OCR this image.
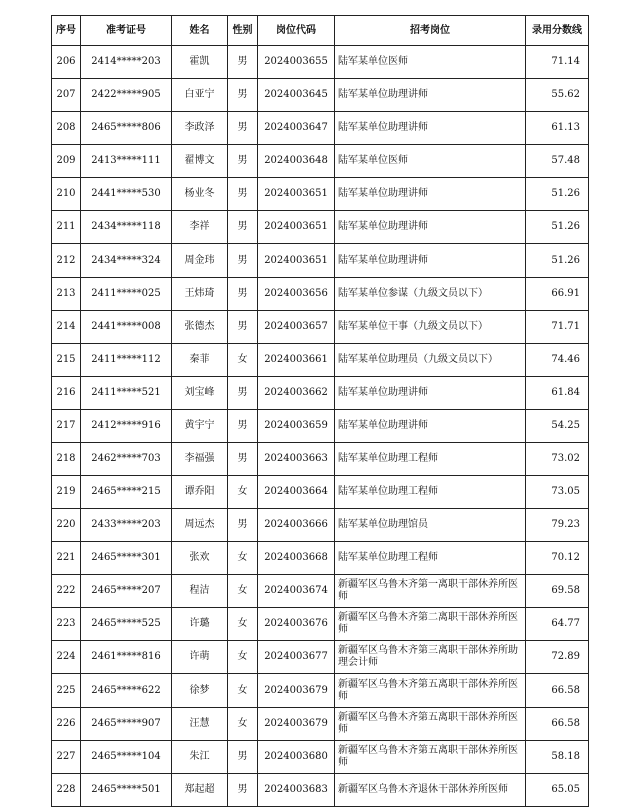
序号	准考证号	姓名	性别	岗位代码	招考岗位	录用分数线
206	2414*****203	霍凯	男	2024003655	陆军某单位医师	71.14
207	2422*****905	白亚宁	男	2024003645	陆军某单位助理讲师	55.62
208	2465*****806	李政泽	男	2024003647	陆军某单位助理讲师	61.13
209	2413*****111	翟博文	男	2024003648	陆军某单位医师	57.48
210	2441*****530	杨业冬	男	2024003651	陆军某单位助理讲师	51.26
211	2434*****118	李祥	男	2024003651	陆军某单位助理讲师	51.26
212	2434*****324	周金玮	男	2024003651	陆军某单位助理讲师	51.26
213	2411*****025	王炜琦	男	2024003656	陆军某单位参谋（九级文员以下）	66.91
214	2441*****008	张德杰	男	2024003657	陆军某单位干事（九级文员以下）	71.71
215	2411*****112	秦菲	女	2024003661	陆军某单位助理员（九级文员以下）	74.46
216	2411*****521	刘宝峰	男	2024003662	陆军某单位助理讲师	61.84
217	2412*****916	黄宇宁	男	2024003659	陆军某单位助理讲师	54.25
218	2462*****703	李福强	男	2024003663	陆军某单位助理工程师	73.02
219	2465*****215	谭乔阳	女	2024003664	陆军某单位助理工程师	73.05
220	2433*****203	周远杰	男	2024003666	陆军某单位助理馆员	79.23
221	2465*****301	张欢	女	2024003668	陆军某单位助理工程师	70.12
222	2465*****207	程洁	女	2024003674	新疆军区乌鲁木齐第一离职干部休养所医师	69.58
223	2465*****525	许璐	女	2024003676	新疆军区乌鲁木齐第二离职干部休养所医师	64.77
224	2461*****816	许萌	女	2024003677	新疆军区乌鲁木齐第三离职干部休养所助理会计师	72.89
225	2465*****622	徐梦	女	2024003679	新疆军区乌鲁木齐第五离职干部休养所医师	66.58
226	2465*****907	汪慧	女	2024003679	新疆军区乌鲁木齐第五离职干部休养所医师	66.58
227	2465*****104	朱江	男	2024003680	新疆军区乌鲁木齐第五离职干部休养所医师	58.18
228	2465*****501	郑起超	男	2024003683	新疆军区乌鲁木齐退休干部休养所医师	65.05
